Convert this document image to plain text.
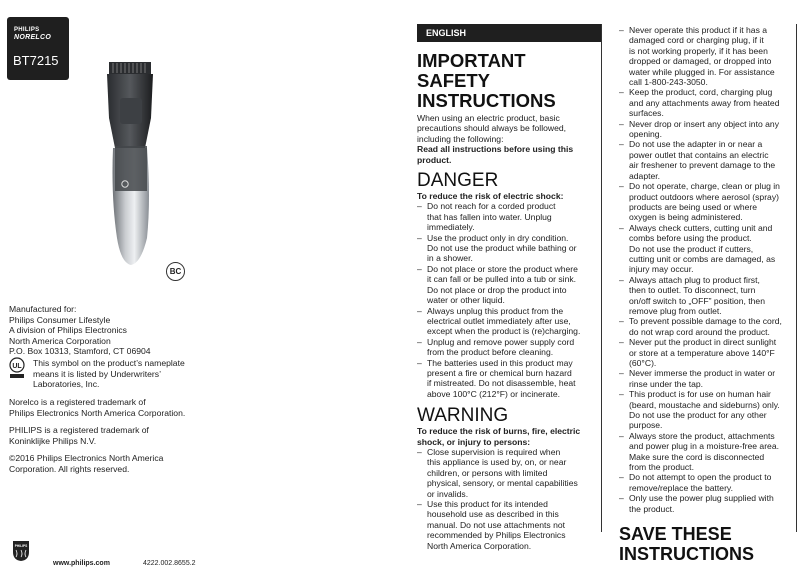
PHILIPS
NORELCO
BT7215
BC
Manufactured for:
Philips Consumer Lifestyle
A division of Philips Electronics
North America Corporation
P.O. Box 10313, Stamford, CT 06904
UL This symbol on the product’s nameplate
means it is listed by Underwriters’
Laboratories, Inc.
Norelco is a registered trademark of
Philips Electronics North America Corporation.
PHILIPS is a registered trademark of
Koninklijke Philips N.V.
©2016 Philips Electronics North America
Corporation. All rights reserved.
PHILIPS
www.philips.com	4222.002.8655.2
ENGLISH
IMPORTANT
SAFETY
INSTRUCTIONS
When using an electric product, basic
precautions should always be followed,
including the following:
Read all instructions before using this
product.
DANGER
To reduce the risk of electric shock:
– Do not reach for a corded product
that has fallen into water. Unplug
immediately.
– Use the product only in dry condition.
Do not use the product while bathing or
in a shower.
– Do not place or store the product where
it can fall or be pulled into a tub or sink.
Do not place or drop the product into
water or other liquid.
– Always unplug this product from the
electrical outlet immediately after use,
except when the product is (re)charging.
– Unplug and remove power supply cord
from the product before cleaning.
– The batteries used in this product may
present a fire or chemical burn hazard
if mistreated. Do not disassemble, heat
above 100°C (212°F) or incinerate.
WARNING
To reduce the risk of burns, fire, electric
shock, or injury to persons:
– Close supervision is required when
this appliance is used by, on, or near
children, or persons with limited
physical, sensory, or mental capabilities
or invalids.
– Use this product for its intended
household use as described in this
manual. Do not use attachments not
recommended by Philips Electronics
North America Corporation.
– Never operate this product if it has a
damaged cord or charging plug, if it
is not working properly, if it has been
dropped or damaged, or dropped into
water while plugged in. For assistance
call 1-800-243-3050.
– Keep the product, cord, charging plug
and any attachments away from heated
surfaces.
– Never drop or insert any object into any
opening.
– Do not use the adapter in or near a
power outlet that contains an electric
air freshener to prevent damage to the
adapter.
– Do not operate, charge, clean or plug in
product outdoors where aerosol (spray)
products are being used or where
oxygen is being administered.
– Always check cutters, cutting unit and
combs before using the product.
Do not use the product if cutters,
cutting unit or combs are damaged, as
injury may occur.
– Always attach plug to product first,
then to outlet. To disconnect, turn
on/off switch to „OFF” position, then
remove plug from outlet.
– To prevent possible damage to the cord,
do not wrap cord around the product.
– Never put the product in direct sunlight
or store at a temperature above 140°F
(60°C).
– Never immerse the product in water or
rinse under the tap.
– This product is for use on human hair
(beard, moustache and sideburns) only.
Do not use the product for any other
purpose.
– Always store the product, attachments
and power plug in a moisture-free area.
Make sure the cord is disconnected
from the product.
– Do not attempt to open the product to
remove/replace the battery.
– Only use the power plug supplied with
the product.
SAVE THESE
INSTRUCTIONS
